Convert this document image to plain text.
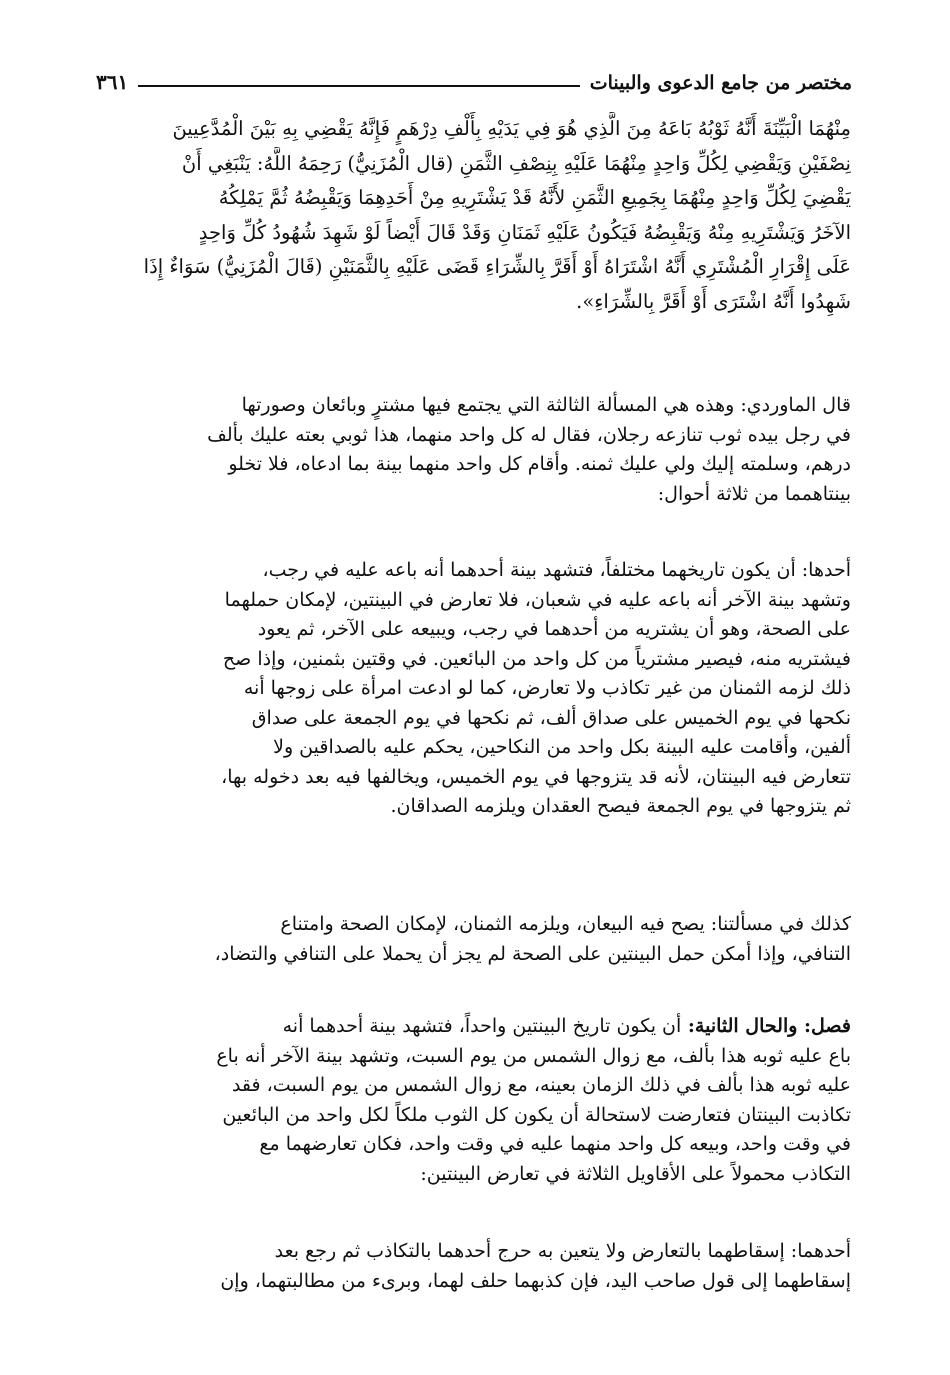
مختصر من جامع الدعوى والبينات
٣٦١
مِنْهُمَا الْبَيِّنَةَ أَنَّهُ ثَوْبُهُ بَاعَهُ مِنَ الَّذِي هُوَ فِي يَدَيْهِ بِأَلْفِ دِرْهَمٍ فَإِنَّهُ يَقْضِي بِهِ بَيْنَ الْمُدَّعِيينَ
نِصْفَيْنِ وَيَقْضِي لِكُلِّ وَاحِدٍ مِنْهُمَا عَلَيْهِ بِنِصْفِ الثَّمَنِ (قال الْمُزَنِيُّ) رَحِمَهُ اللَّهُ: يَنْبَغِي أَنْ
يَقْضِيَ لِكُلِّ وَاحِدٍ مِنْهُمَا بِجَمِيعِ الثَّمَنِ لأَنَّهُ قَدْ يَشْتَرِيهِ مِنْ أَحَدِهِمَا وَيَقْبِضُهُ ثُمَّ يَمْلِكُهُ
الآخَرُ وَيَشْتَرِيهِ مِنْهُ وَيَقْبِضُهُ فَيَكُونُ عَلَيْهِ ثَمَنَانِ وَقَدْ قَالَ أَيْضاً لَوْ شَهِدَ شُهُودُ كُلِّ وَاحِدٍ
عَلَى إِقْرَارِ الْمُشْتَرِي أَنَّهُ اشْتَرَاهُ أَوْ أَقَرَّ بِالشِّرَاءِ قَضَى عَلَيْهِ بِالثَّمَنَيْنِ (قَالَ الْمُزَنِيُّ) سَوَاءٌ إِذَا
شَهِدُوا أَنَّهُ اشْتَرَى أَوْ أَقَرَّ بِالشِّرَاءِ».
قال الماوردي: وهذه هي المسألة الثالثة التي يجتمع فيها مشترٍ وبائعان وصورتها
في رجل بيده ثوب تنازعه رجلان، فقال له كل واحد منهما، هذا ثوبي بعته عليك بألف
درهم، وسلمته إليك ولي عليك ثمنه. وأقام كل واحد منهما بينة بما ادعاه، فلا تخلو
بينتاهمما من ثلاثة أحوال:
أحدها: أن يكون تاريخهما مختلفاً، فتشهد بينة أحدهما أنه باعه عليه في رجب،
وتشهد بينة الآخر أنه باعه عليه في شعبان، فلا تعارض في البينتين، لإمكان حملهما
على الصحة، وهو أن يشتريه من أحدهما في رجب، ويبيعه على الآخر، ثم يعود
فيشتريه منه، فيصير مشترياً من كل واحد من البائعين. في وقتين بثمنين، وإذا صح
ذلك لزمه الثمنان من غير تكاذب ولا تعارض، كما لو ادعت امرأة على زوجها أنه
نكحها في يوم الخميس على صداق ألف، ثم نكحها في يوم الجمعة على صداق
ألفين، وأقامت عليه البينة بكل واحد من النكاحين، يحكم عليه بالصداقين ولا
تتعارض فيه البينتان، لأنه قد يتزوجها في يوم الخميس، ويخالفها فيه بعد دخوله بها،
ثم يتزوجها في يوم الجمعة فيصح العقدان ويلزمه الصداقان.
كذلك في مسألتنا: يصح فيه البيعان، ويلزمه الثمنان، لإمكان الصحة وامتناع
التنافي، وإذا أمكن حمل البينتين على الصحة لم يجز أن يحملا على التنافي والتضاد،
فصل: والحال الثانية: أن يكون تاريخ البينتين واحداً، فتشهد بينة أحدهما أنه
باع عليه ثوبه هذا بألف، مع زوال الشمس من يوم السبت، وتشهد بينة الآخر أنه باع
عليه ثوبه هذا بألف في ذلك الزمان بعينه، مع زوال الشمس من يوم السبت، فقد
تكاذبت البينتان فتعارضت لاستحالة أن يكون كل الثوب ملكاً لكل واحد من البائعين
في وقت واحد، وبيعه كل واحد منهما عليه في وقت واحد، فكان تعارضهما مع
التكاذب محمولاً على الأقاويل الثلاثة في تعارض البينتين:
أحدهما: إسقاطهما بالتعارض ولا يتعين به حرج أحدهما بالتكاذب ثم رجع بعد
إسقاطهما إلى قول صاحب اليد، فإن كذبهما حلف لهما، وبرىء من مطالبتهما، وإن
